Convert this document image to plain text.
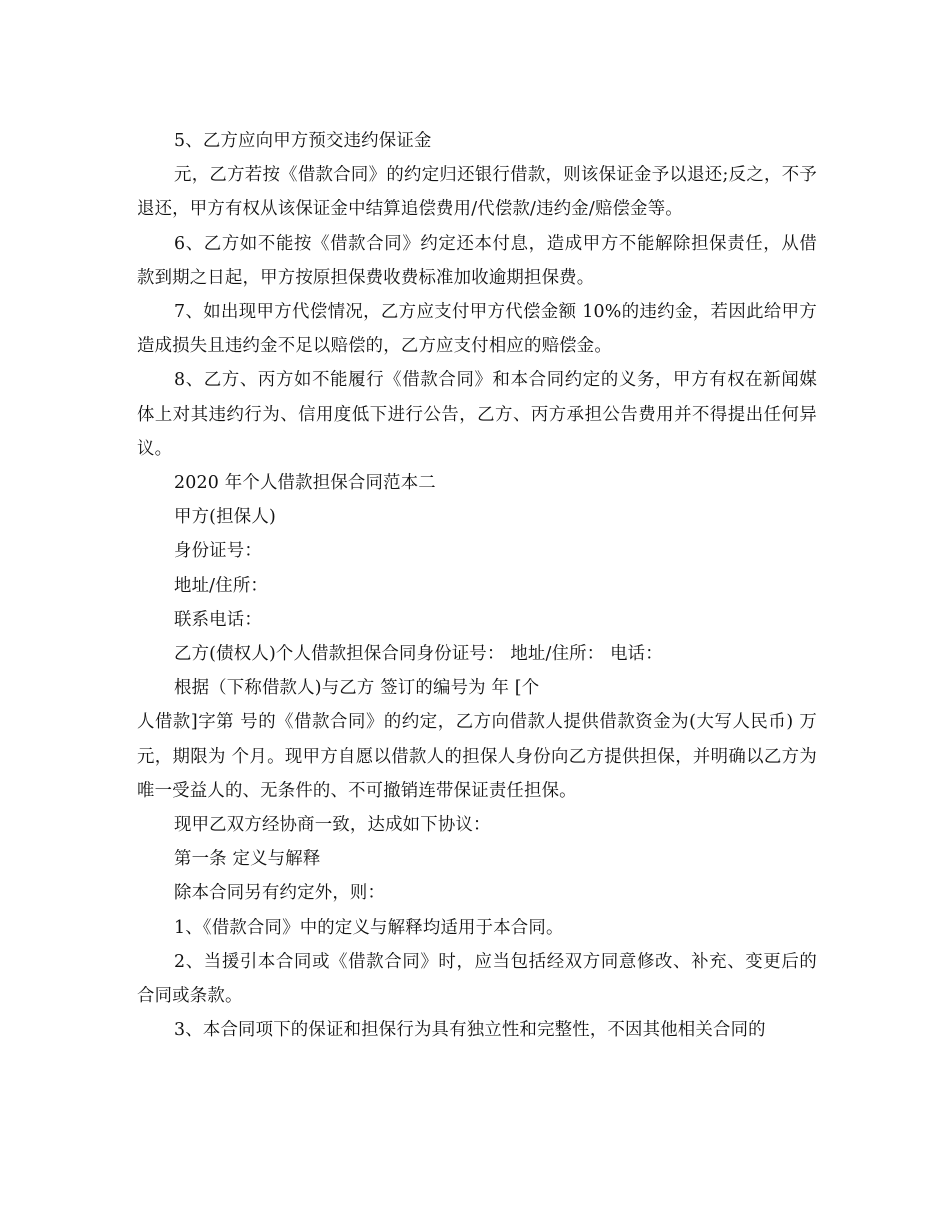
5、乙方应向甲方预交违约保证金

元，乙方若按《借款合同》的约定归还银行借款，则该保证金予以退还;反之，不予退还，甲方有权从该保证金中结算追偿费用/代偿款/违约金/赔偿金等。

6、乙方如不能按《借款合同》约定还本付息，造成甲方不能解除担保责任，从借款到期之日起，甲方按原担保费收费标准加收逾期担保费。

7、如出现甲方代偿情况，乙方应支付甲方代偿金额 10%的违约金，若因此给甲方造成损失且违约金不足以赔偿的，乙方应支付相应的赔偿金。

8、乙方、丙方如不能履行《借款合同》和本合同约定的义务，甲方有权在新闻媒体上对其违约行为、信用度低下进行公告，乙方、丙方承担公告费用并不得提出任何异议。

2020 年个人借款担保合同范本二

甲方(担保人)

身份证号：

地址/住所：

联系电话：

乙方(债权人)个人借款担保合同身份证号： 地址/住所： 电话：

根据（下称借款人)与乙方 签订的编号为 年 [个

人借款]字第 号的《借款合同》的约定，乙方向借款人提供借款资金为(大写人民币) 万元，期限为 个月。现甲方自愿以借款人的担保人身份向乙方提供担保，并明确以乙方为唯一受益人的、无条件的、不可撤销连带保证责任担保。

现甲乙双方经协商一致，达成如下协议：

第一条 定义与解释

除本合同另有约定外，则：

1、《借款合同》中的定义与解释均适用于本合同。

2、当援引本合同或《借款合同》时，应当包括经双方同意修改、补充、变更后的合同或条款。

3、本合同项下的保证和担保行为具有独立性和完整性，不因其他相关合同的
